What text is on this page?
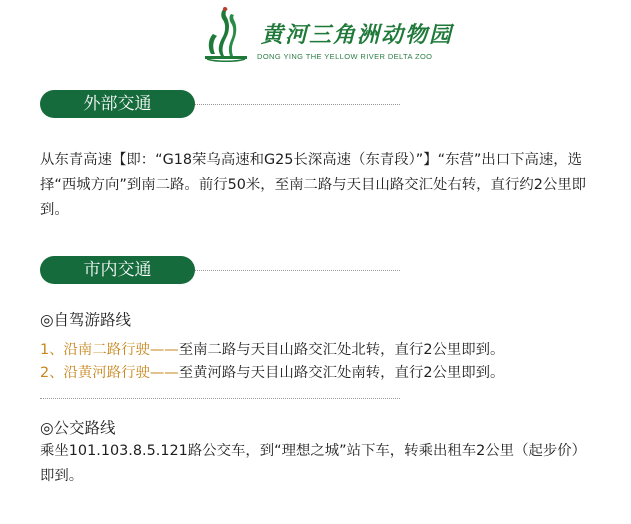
黄河三角洲动物园
DONG YING THE YELLOW RIVER DELTA ZOO
外部交通
从东青高速【即：“G18荣乌高速和G25长深高速（东青段）”】“东营”出口下高速，选择“西城方向”到南二路。前行50米，至南二路与天目山路交汇处右转，直行约2公里即到。
市内交通
◎自驾游路线
1、沿南二路行驶——至南二路与天目山路交汇处北转，直行2公里即到。
2、沿黄河路行驶——至黄河路与天目山路交汇处南转，直行2公里即到。
◎公交路线
乘坐101.103.8.5.121路公交车，到“理想之城”站下车，转乘出租车2公里（起步价）即到。
